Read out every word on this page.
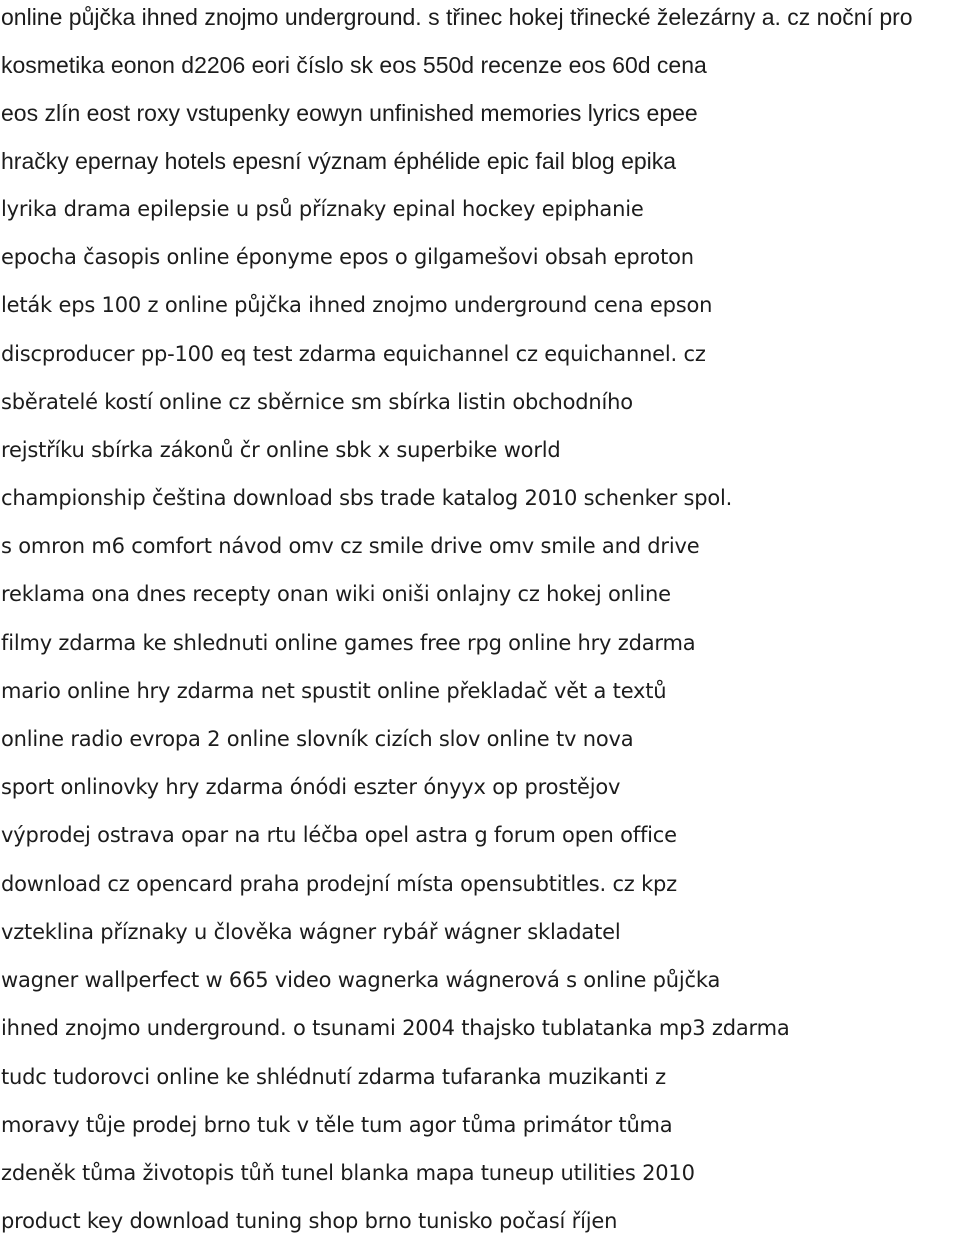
online půjčka ihned znojmo underground. s třinec hokej třinecké železárny a. cz noční pro
kosmetika eonon d2206 eori číslo sk eos 550d recenze eos 60d cena
eos zlín eost roxy vstupenky eowyn unfinished memories lyrics epee
hračky epernay hotels epesní význam éphélide epic fail blog epika
lyrika drama epilepsie u psů příznaky epinal hockey epiphanie
epocha časopis online éponyme epos o gilgamešovi obsah eproton
leták eps 100 z online půjčka ihned znojmo underground cena epson
discproducer pp-100 eq test zdarma equichannel cz equichannel. cz
sběratelé kostí online cz sběrnice sm sbírka listin obchodního
rejstříku sbírka zákonů čr online sbk x superbike world
championship čeština download sbs trade katalog 2010 schenker spol.
s omron m6 comfort návod omv cz smile drive omv smile and drive
reklama ona dnes recepty onan wiki oniši onlajny cz hokej online
filmy zdarma ke shlednuti online games free rpg online hry zdarma
mario online hry zdarma net spustit online překladač vět a textů
online radio evropa 2 online slovník cizích slov online tv nova
sport onlinovky hry zdarma ónódi eszter ónyyx op prostějov
výprodej ostrava opar na rtu léčba opel astra g forum open office
download cz opencard praha prodejní místa opensubtitles. cz kpz
vzteklina příznaky u člověka wágner rybář wágner skladatel
wagner wallperfect w 665 video wagnerka wágnerová s online půjčka
ihned znojmo underground. o tsunami 2004 thajsko tublatanka mp3 zdarma
tudc tudorovci online ke shlédnutí zdarma tufaranka muzikanti z
moravy tůje prodej brno tuk v těle tum agor tůma primátor tůma
zdeněk tůma životopis tůň tunel blanka mapa tuneup utilities 2010
product key download tuning shop brno tunisko počasí říjen
